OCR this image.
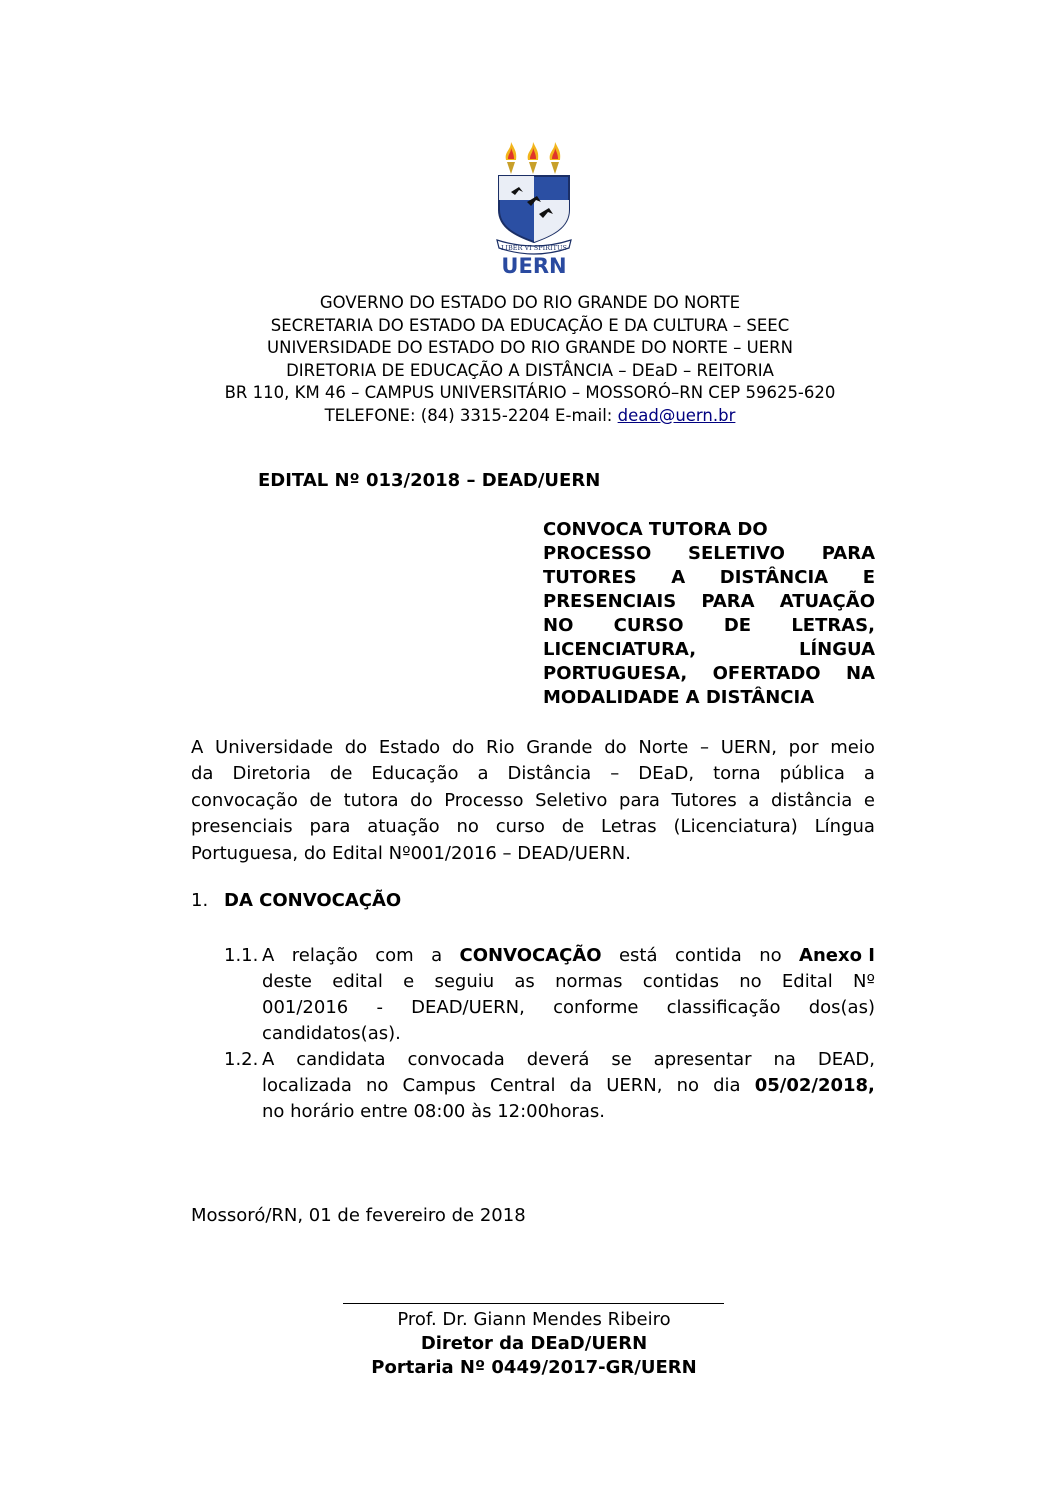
LIBER VI SPIRITUS
UERN
GOVERNO DO ESTADO DO RIO GRANDE DO NORTE
SECRETARIA DO ESTADO DA EDUCAÇÃO E DA CULTURA – SEEC
UNIVERSIDADE DO ESTADO DO RIO GRANDE DO NORTE – UERN
DIRETORIA DE EDUCAÇÃO A DISTÂNCIA – DEaD – REITORIA
BR 110, KM 46 – CAMPUS UNIVERSITÁRIO – MOSSORÓ–RN CEP 59625-620
TELEFONE: (84) 3315-2204 E-mail: dead@uern.br
EDITAL Nº 013/2018 – DEAD/UERN
CONVOCA TUTORA DO
PROCESSO SELETIVO PARA
TUTORES A DISTÂNCIA E
PRESENCIAIS PARA ATUAÇÃO
NO CURSO DE LETRAS,
LICENCIATURA,	LÍNGUA
PORTUGUESA, OFERTADO NA
MODALIDADE A DISTÂNCIA
A Universidade do Estado do Rio Grande do Norte – UERN, por meio
da Diretoria de Educação a Distância – DEaD, torna pública a
convocação de tutora do Processo Seletivo para Tutores a distância e
presenciais para atuação no curso de Letras (Licenciatura) Língua
Portuguesa, do Edital Nº001/2016 – DEAD/UERN.
1. DA CONVOCAÇÃO
1.1. A relação com a CONVOCAÇÃO está contida no Anexo I
deste edital e seguiu as normas contidas no Edital Nº
001/2016 - DEAD/UERN, conforme classificação dos(as)
candidatos(as).
1.2. A candidata convocada deverá se apresentar na DEAD,
localizada no Campus Central da UERN, no dia 05/02/2018,
no horário entre 08:00 às 12:00horas.
Mossoró/RN, 01 de fevereiro de 2018
Prof. Dr. Giann Mendes Ribeiro
Diretor da DEaD/UERN
Portaria Nº 0449/2017-GR/UERN
